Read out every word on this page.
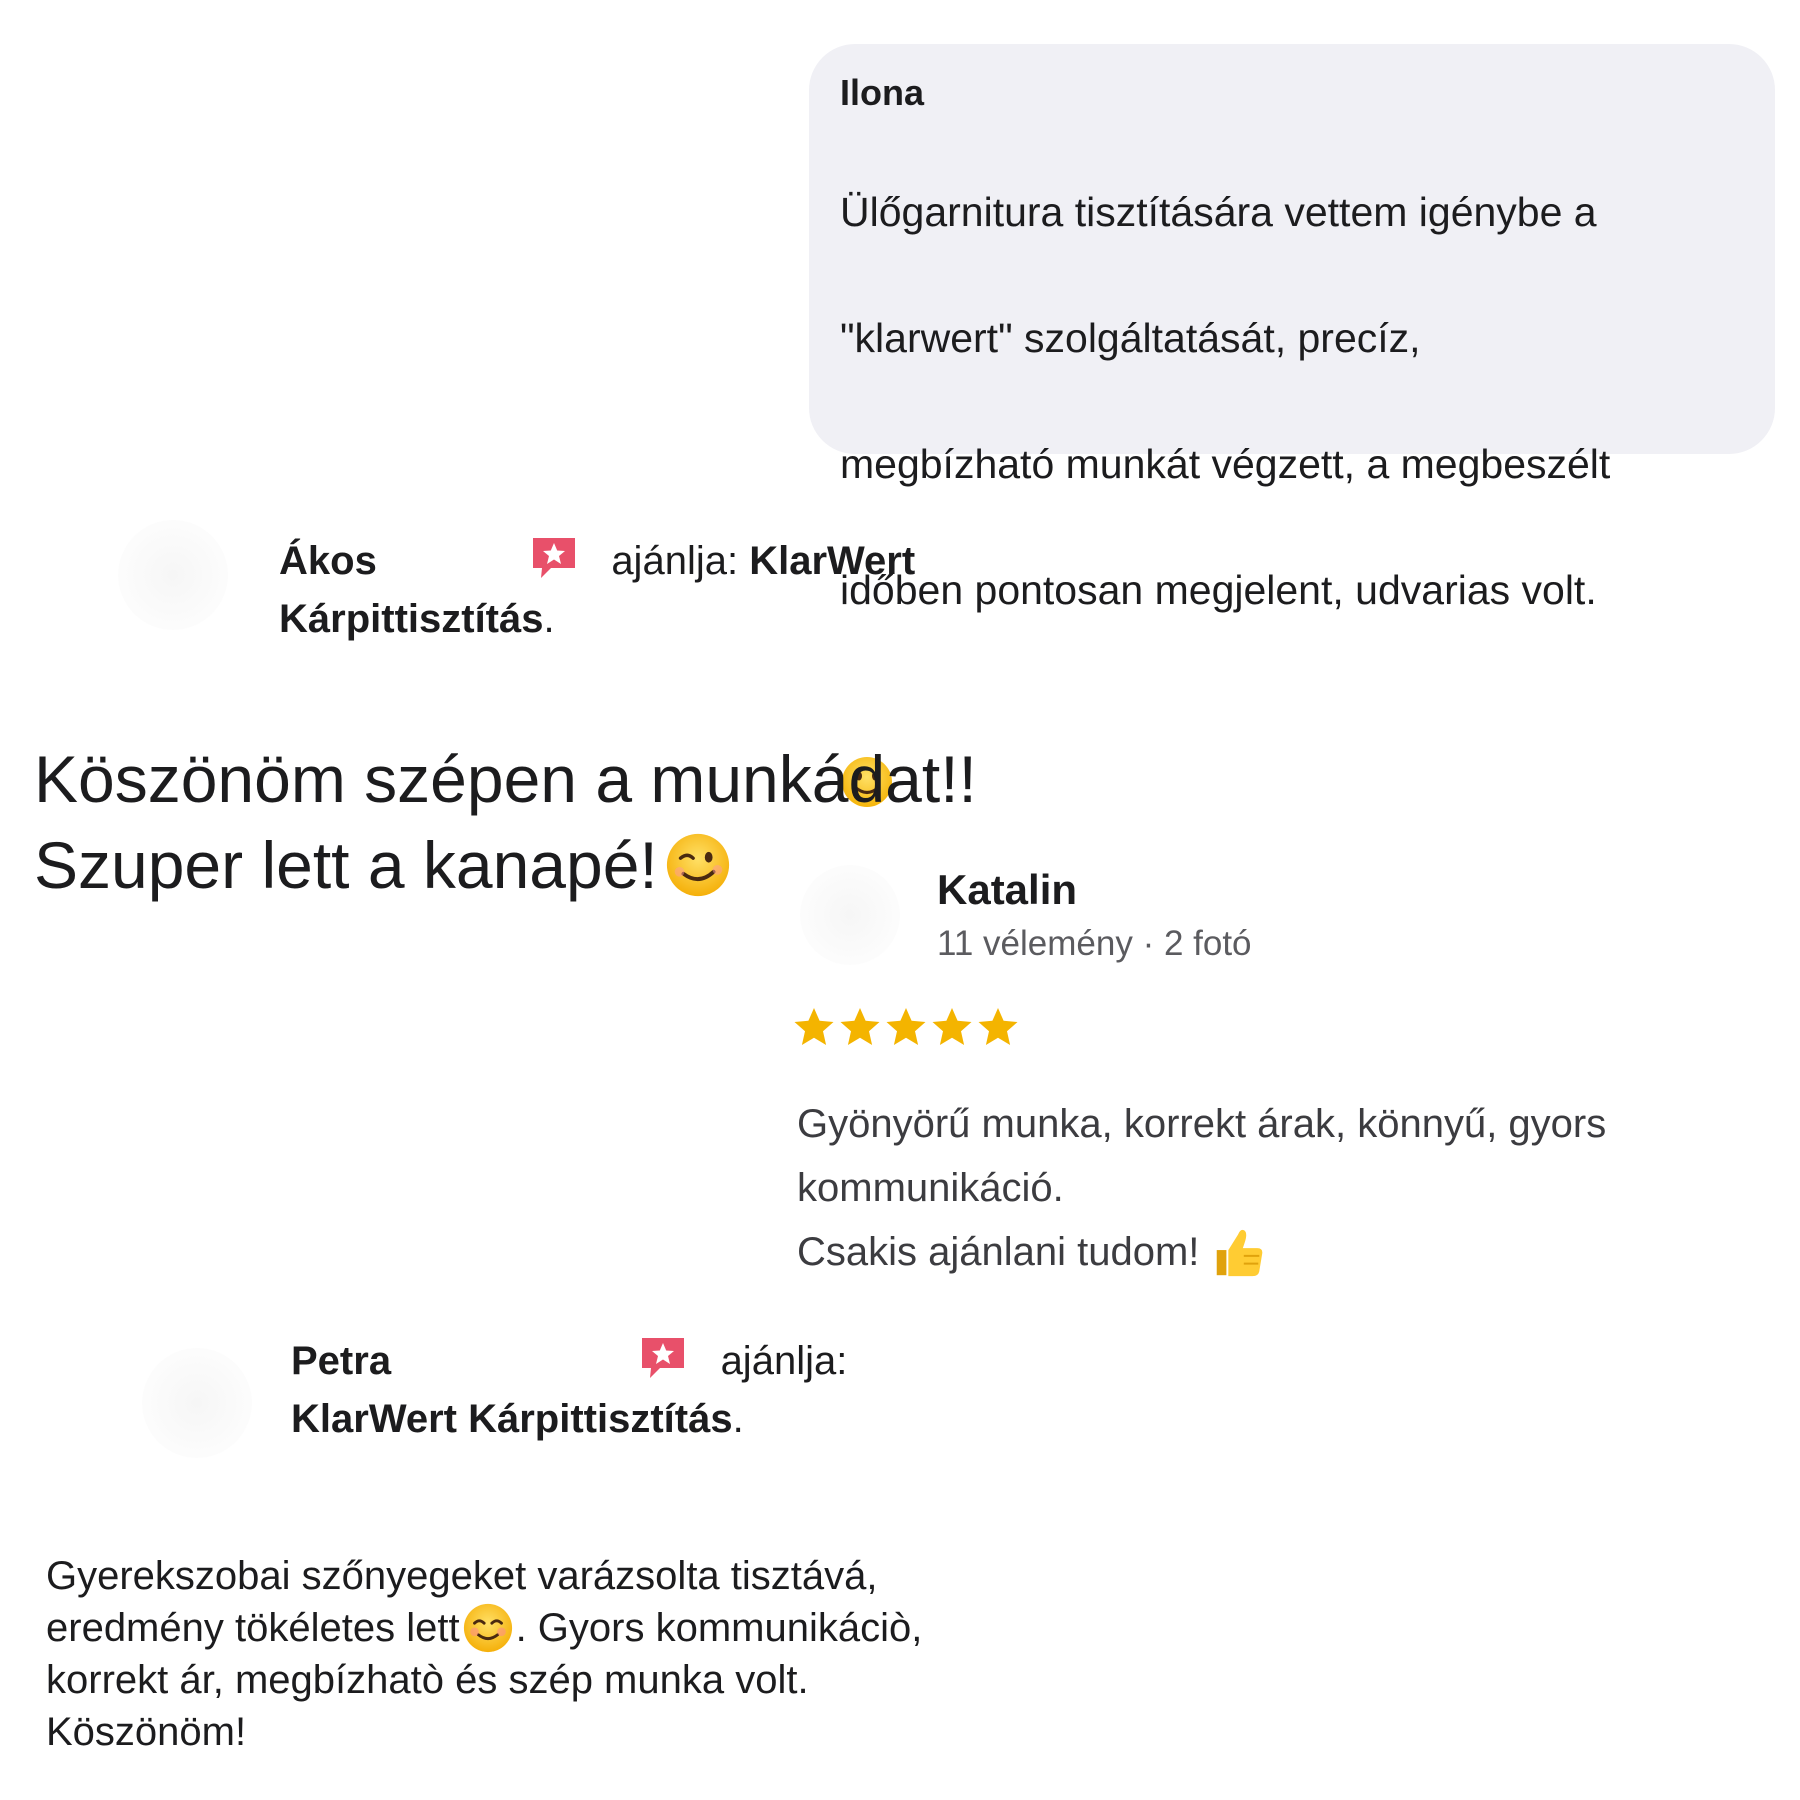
Ilona

Ülőgarnitura tisztítására vettem igénybe a

"klarwert" szolgáltatását, precíz,

megbízható munkát végzett, a megbeszélt

időben pontosan megjelent, udvarias volt.

Ákos	ajánlja: KlarWert
Kárpittisztítás.
Köszönöm szépen a munkádat!!
Szuper lett a kanapé!	Katalin
11 vélemény · 2 fotó
Gyönyörű munka, korrekt árak, könnyű, gyors
kommunikáció.
Csakis ajánlani tudom!
Petra	ajánlja:
KlarWert Kárpittisztítás.
Gyerekszobai szőnyegeket varázsolta tisztává,
eredmény tökéletes lett . Gyors kommunikáciò,
korrekt ár, megbízhatò és szép munka volt.
Köszönöm!
